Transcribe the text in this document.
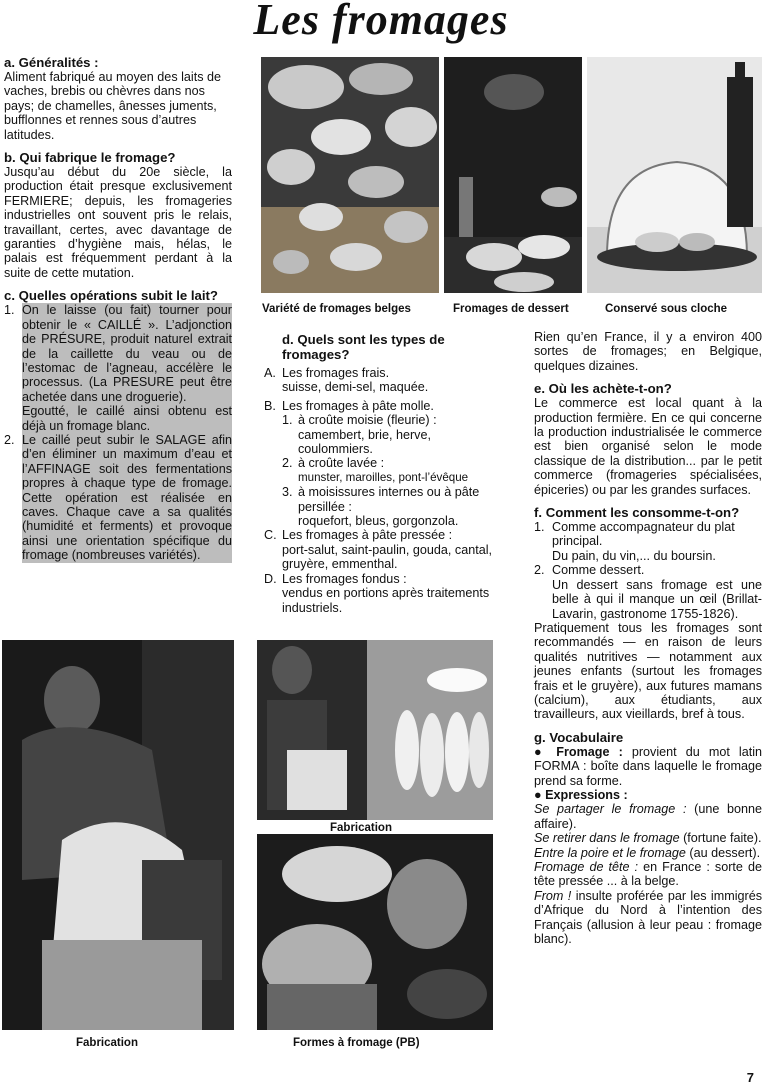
Les fromages
Variété de fromages belges	Fromages de dessert	Conservé sous cloche
a. Généralités :

Aliment fabriqué au moyen des laits de vaches, brebis ou chèvres dans nos pays; de chamelles, ânesses juments, bufflonnes et rennes sous d’autres latitudes.

b. Qui fabrique le fromage?

Jusqu’au début du 20e siècle, la production était presque exclusivement FERMIERE; depuis, les fromageries industrielles ont souvent pris le relais, travaillant, certes, avec davantage de garanties d’hygiène mais, hélas, le palais est fréquemment perdant à la suite de cette mutation.

c. Quelles opérations subit le lait?
1. On le laisse (ou fait) tourner pour obtenir le « CAILLÉ ». L’adjonction de PRÉSURE, produit naturel extrait de la caillette du veau ou de l’estomac de l’agneau, accélère le processus. (La PRESURE peut être achetée dans une droguerie).

Egoutté, le caillé ainsi obtenu est déjà un fromage blanc.

2. Le caillé peut subir le SALAGE afin d’en éliminer un maximum d’eau et l’AFFINAGE soit des fermentations propres à chaque type de fromage. Cette opération est réalisée en caves. Chaque cave a sa qualités (humidité et ferments) et provoque ainsi une orientation spécifique du fromage (nombreuses variétés).

Fabrication
d. Quels sont les types de fromages?
A. Les fromages frais.

suisse, demi-sel, maquée.

B. Les fromages à pâte molle.

1. à croûte moisie (fleurie) :

camembert, brie, herve, coulommiers.

2. à croûte lavée :

munster, maroilles, pont-l’évêque

3. à moisissures internes ou à pâte persillée :

roquefort, bleus, gorgonzola.

C. Les fromages à pâte pressée :

port-salut, saint-paulin, gouda, cantal, gruyère, emmenthal.

D. Les fromages fondus :

vendus en portions après traitements industriels.

Fabrication
Formes à fromage (PB)

Rien qu’en France, il y a environ 400 sortes de fromages; en Belgique, quelques dizaines.

e. Où les achète-t-on?

Le commerce est local quant à la production fermière. En ce qui concerne la production industrialisée le commerce est bien organisé selon le mode classique de la distribution... par le petit commerce (fromageries spécialisées, épiceries) ou par les grandes surfaces.

f. Comment les consomme-t-on?
1. Comme accompagnateur du plat principal.

Du pain, du vin,... du boursin.

2. Comme dessert.

Un dessert sans fromage est une belle à qui il manque un œil (Brillat-Lavarin, gastronome 1755-1826).

Pratiquement tous les fromages sont recommandés — en raison de leurs qualités nutritives — notamment aux jeunes enfants (surtout les fromages frais et le gruyère), aux futures mamans (calcium), aux étudiants, aux travailleurs, aux vieillards, bref à tous.

g. Vocabulaire

● Fromage : provient du mot latin FORMA : boîte dans laquelle le fromage prend sa forme.

● Expressions :

Se partager le fromage : (une bonne affaire).

Se retirer dans le fromage (fortune faite).

Entre la poire et le fromage (au dessert).

Fromage de tête : en France : sorte de tête pressée ... à la belge.

From ! insulte proférée par les immigrés d’Afrique du Nord à l’intention des Français (allusion à leur peau : fromage blanc).

7
